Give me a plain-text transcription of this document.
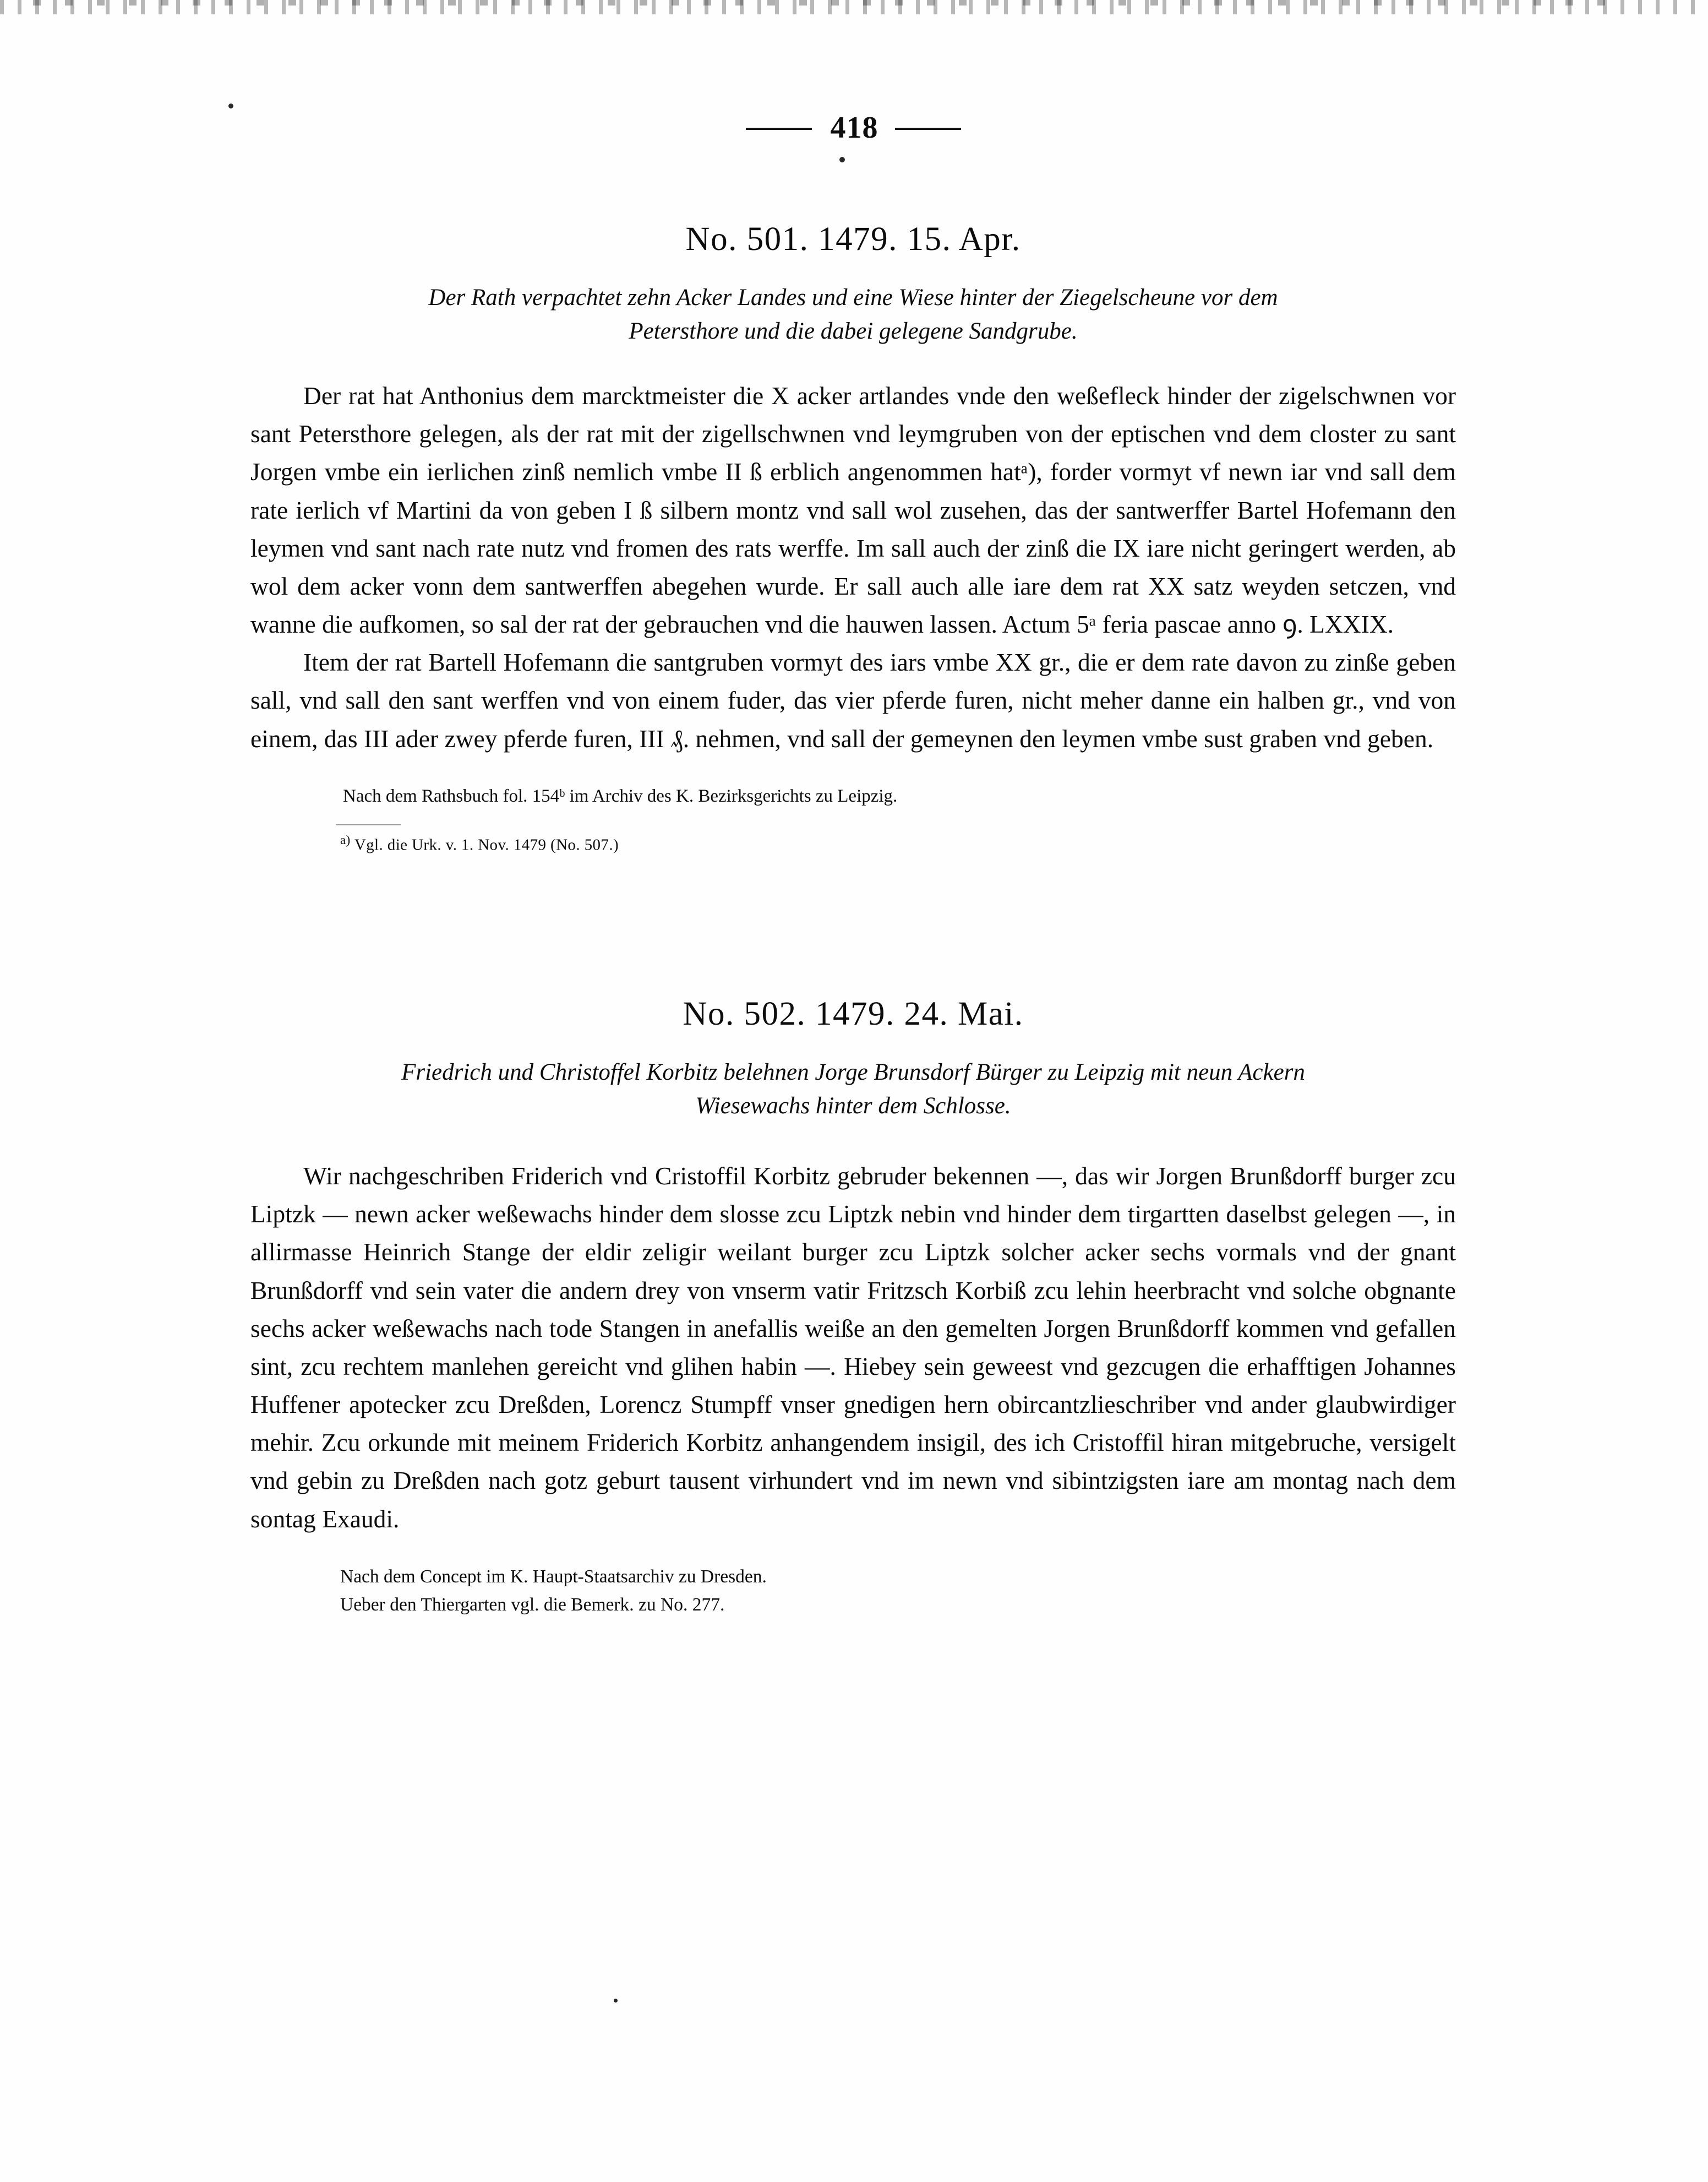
418
No. 501. 1479. 15. Apr.
Der Rath verpachtet zehn Acker Landes und eine Wiese hinter der Ziegelscheune vor dem
Petersthore und die dabei gelegene Sandgrube.

Der rat hat Anthonius dem marcktmeister die X acker artlandes vnde den weßefleck hinder der zigelschwnen vor sant Petersthore gelegen, als der rat mit der zigellschwnen vnd leymgruben von der eptischen vnd dem closter zu sant Jorgen vmbe ein ierlichen zinß nemlich vmbe II ß erblich angenommen hatᵃ), forder vormyt vf newn iar vnd sall dem rate ierlich vf Martini da von geben I ß silbern montz vnd sall wol zusehen, das der santwerffer Bartel Hofemann den leymen vnd sant nach rate nutz vnd fromen des rats werffe. Im sall auch der zinß die IX iare nicht geringert werden, ab wol dem acker vonn dem santwerffen abegehen wurde. Er sall auch alle iare dem rat XX satz weyden setczen, vnd wanne die aufkomen, so sal der rat der gebrauchen vnd die hauwen lassen. Actum 5ᵃ feria pascae anno ꝯ. LXXIX.

Item der rat Bartell Hofemann die santgruben vormyt des iars vmbe XX gr., die er dem rate davon zu zinße geben sall, vnd sall den sant werffen vnd von einem fuder, das vier pferde furen, nicht meher danne ein halben gr., vnd von einem, das III ader zwey pferde furen, III ₰. nehmen, vnd sall der gemeynen den leymen vmbe sust graben vnd geben.

Nach dem Rathsbuch fol. 154ᵇ im Archiv des K. Bezirksgerichts zu Leipzig.

$^{a)}$ Vgl. die Urk. v. 1. Nov. 1479 (No. 507.)

No. 502. 1479. 24. Mai.
Friedrich und Christoffel Korbitz belehnen Jorge Brunsdorf Bürger zu Leipzig mit neun Ackern
Wiesewachs hinter dem Schlosse.

Wir nachgeschriben Friderich vnd Cristoffil Korbitz gebruder bekennen —, das wir Jorgen Brunßdorff burger zcu Liptzk — newn acker weßewachs hinder dem slosse zcu Liptzk nebin vnd hinder dem tirgartten daselbst gelegen —, in allirmasse Heinrich Stange der eldir zeligir weilant burger zcu Liptzk solcher acker sechs vormals vnd der gnant Brunßdorff vnd sein vater die andern drey von vnserm vatir Fritzsch Korbiß zcu lehin heerbracht vnd solche obgnante sechs acker weßewachs nach tode Stangen in anefallis weiße an den gemelten Jorgen Brunßdorff kommen vnd gefallen sint, zcu rechtem manlehen gereicht vnd glihen habin —. Hiebey sein geweest vnd gezcugen die erhafftigen Johannes Huffener apotecker zcu Dreßden, Lorencz Stumpff vnser gnedigen hern obircantzlieschriber vnd ander glaubwirdiger mehir. Zcu orkunde mit meinem Friderich Korbitz anhangendem insigil, des ich Cristoffil hiran mitgebruche, versigelt vnd gebin zu Dreßden nach gotz geburt tausent virhundert vnd im newn vnd sibintzigsten iare am montag nach dem sontag Exaudi.

Nach dem Concept im K. Haupt-Staatsarchiv zu Dresden.

Ueber den Thiergarten vgl. die Bemerk. zu No. 277.
